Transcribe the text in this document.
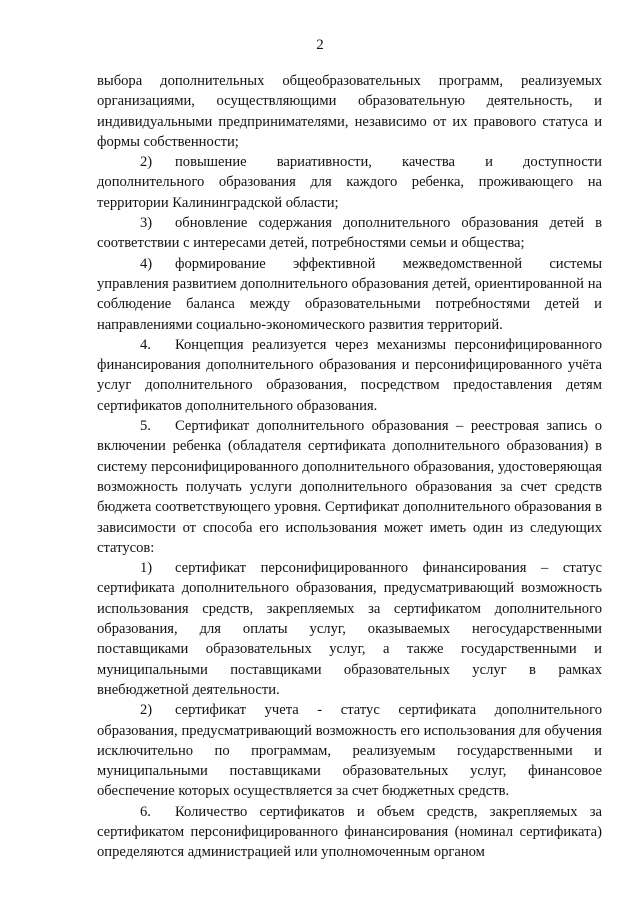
2

выбора дополнительных общеобразовательных программ, реализуемых организациями, осуществляющими образовательную деятельность, и индивидуальными предпринимателями, независимо от их правового статуса и формы собственности;

2) повышение вариативности, качества и доступности дополнительного образования для каждого ребенка, проживающего на территории Калининградской области;

3) обновление содержания дополнительного образования детей в соответствии с интересами детей, потребностями семьи и общества;

4) формирование эффективной межведомственной системы управления развитием дополнительного образования детей, ориентированной на соблюдение баланса между образовательными потребностями детей и направлениями социально-экономического развития территорий.

4. Концепция реализуется через механизмы персонифицированного финансирования дополнительного образования и персонифицированного учёта услуг дополнительного образования, посредством предоставления детям сертификатов дополнительного образования.

5. Сертификат дополнительного образования – реестровая запись о включении ребенка (обладателя сертификата дополнительного образования) в систему персонифицированного дополнительного образования, удостоверяющая возможность получать услуги дополнительного образования за счет средств бюджета соответствующего уровня. Сертификат дополнительного образования в зависимости от способа его использования может иметь один из следующих статусов:

1) сертификат персонифицированного финансирования – статус сертификата дополнительного образования, предусматривающий возможность использования средств, закрепляемых за сертификатом дополнительного образования, для оплаты услуг, оказываемых негосударственными поставщиками образовательных услуг, а также государственными и муниципальными поставщиками образовательных услуг в рамках внебюджетной деятельности.

2) сертификат учета - статус сертификата дополнительного образования, предусматривающий возможность его использования для обучения исключительно по программам, реализуемым государственными и муниципальными поставщиками образовательных услуг, финансовое обеспечение которых осуществляется за счет бюджетных средств.

6. Количество сертификатов и объем средств, закрепляемых за сертификатом персонифицированного финансирования (номинал сертификата) определяются администрацией или уполномоченным органом
